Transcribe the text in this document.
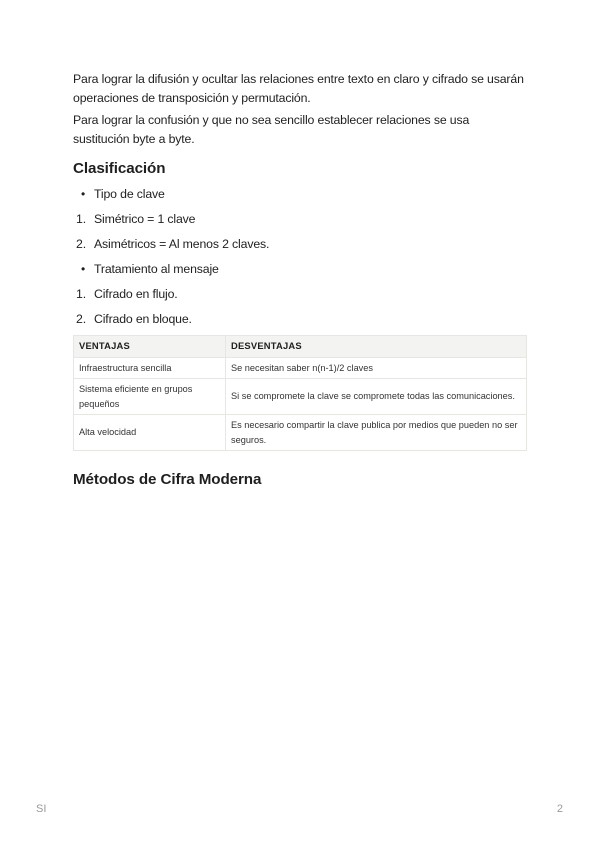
Para lograr la difusión y ocultar las relaciones entre texto en claro y cifrado se usarán operaciones de transposición y permutación.

Para lograr la confusión y que no sea sencillo establecer relaciones se usa sustitución byte a byte.

Clasificación
• Tipo de clave
1. Simétrico = 1 clave
2. Asimétricos = Al menos 2 claves.
• Tratamiento al mensaje
1. Cifrado en flujo.
2. Cifrado en bloque.
VENTAJAS	DESVENTAJAS
Infraestructura sencilla	Se necesitan saber n(n-1)/2 claves
Sistema eficiente en grupos pequeños	Si se compromete la clave se compromete todas las comunicaciones.
Alta velocidad	Es necesario compartir la clave publica por medios que pueden no ser seguros.
Métodos de Cifra Moderna
SI	2
